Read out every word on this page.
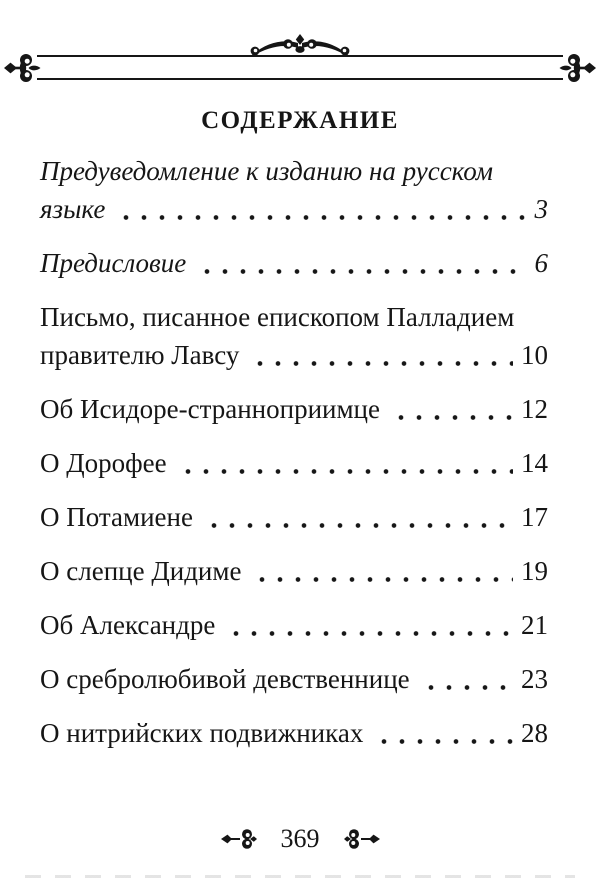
СОДЕРЖАНИЕ
Предуведомление к изданию на русском
языке	3
Предисловие	6
Письмо, писанное епископом Палладием
правителю Лавсу	10
Об Исидоре-странноприимце	12
О Дорофее	14
О Потамиене	17
О слепце Дидиме	19
Об Александре	21
О сребролюбивой девственнице	23
О нитрийских подвижниках	28
369
